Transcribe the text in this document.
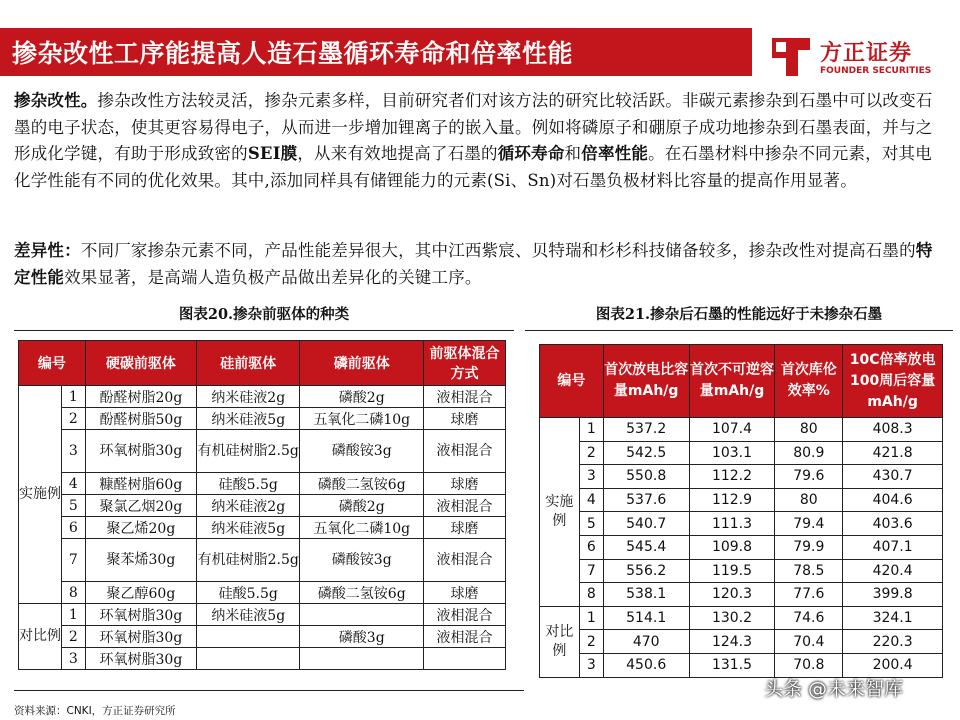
掺杂改性工序能提高人造石墨循环寿命和倍率性能	方正证券
FOUNDER SECURITIES
掺杂改性。掺杂改性方法较灵活，掺杂元素多样，目前研究者们对该方法的研究比较活跃。非碳元素掺杂到石墨中可以改变石墨的电子状态，使其更容易得电子，从而进一步增加锂离子的嵌入量。例如将磷原子和硼原子成功地掺杂到石墨表面，并与之形成化学键，有助于形成致密的SEI膜，从来有效地提高了石墨的循环寿命和倍率性能。在石墨材料中掺杂不同元素，对其电化学性能有不同的优化效果。其中,添加同样具有储锂能力的元素(Si、Sn)对石墨负极材料比容量的提高作用显著。
差异性：不同厂家掺杂元素不同，产品性能差异很大，其中江西紫宸、贝特瑞和杉杉科技储备较多，掺杂改性对提高石墨的特定性能效果显著，是高端人造负极产品做出差异化的关键工序。
图表20.掺杂前驱体的种类	图表21.掺杂后石墨的性能远好于未掺杂石墨
编号		硬碳前驱体	硅前驱体	磷前驱体	前驱体混合方式
实施例	1	酚醛树脂20g	纳米硅液2g	磷酸2g	液相混合
	2	酚醛树脂50g	纳米硅液5g	五氧化二磷10g	球磨
	3	环氧树脂30g	有机硅树脂2.5g	磷酸铵3g	液相混合
	4	糠醛树脂60g	硅酸5.5g	磷酸二氢铵6g	球磨
	5	聚氯乙烟20g	纳米硅液2g	磷酸2g	液相混合
	6	聚乙烯20g	纳米硅液5g	五氧化二磷10g	球磨
	7	聚苯烯30g	有机硅树脂2.5g	磷酸铵3g	液相混合
	8	聚乙醇60g	硅酸5.5g	磷酸二氢铵6g	球磨
对比例	1	环氧树脂30g	纳米硅液5g		液相混合
	2	环氧树脂30g		磷酸3g	液相混合
	3	环氧树脂30g			
编号		首次放电比容量mAh/g	首次不可逆容量mAh/g	首次库伦效率%	10C倍率放电100周后容量mAh/g
实施例	1	537.2	107.4	80	408.3
	2	542.5	103.1	80.9	421.8
	3	550.8	112.2	79.6	430.7
	4	537.6	112.9	80	404.6
	5	540.7	111.3	79.4	403.6
	6	545.4	109.8	79.9	407.1
	7	556.2	119.5	78.5	420.4
	8	538.1	120.3	77.6	399.8
对比例	1	514.1	130.2	74.6	324.1
	2	470	124.3	70.4	220.3
	3	450.6	131.5	70.8	200.4
资料来源：CNKI，方正证券研究所
头条 @未来智库
